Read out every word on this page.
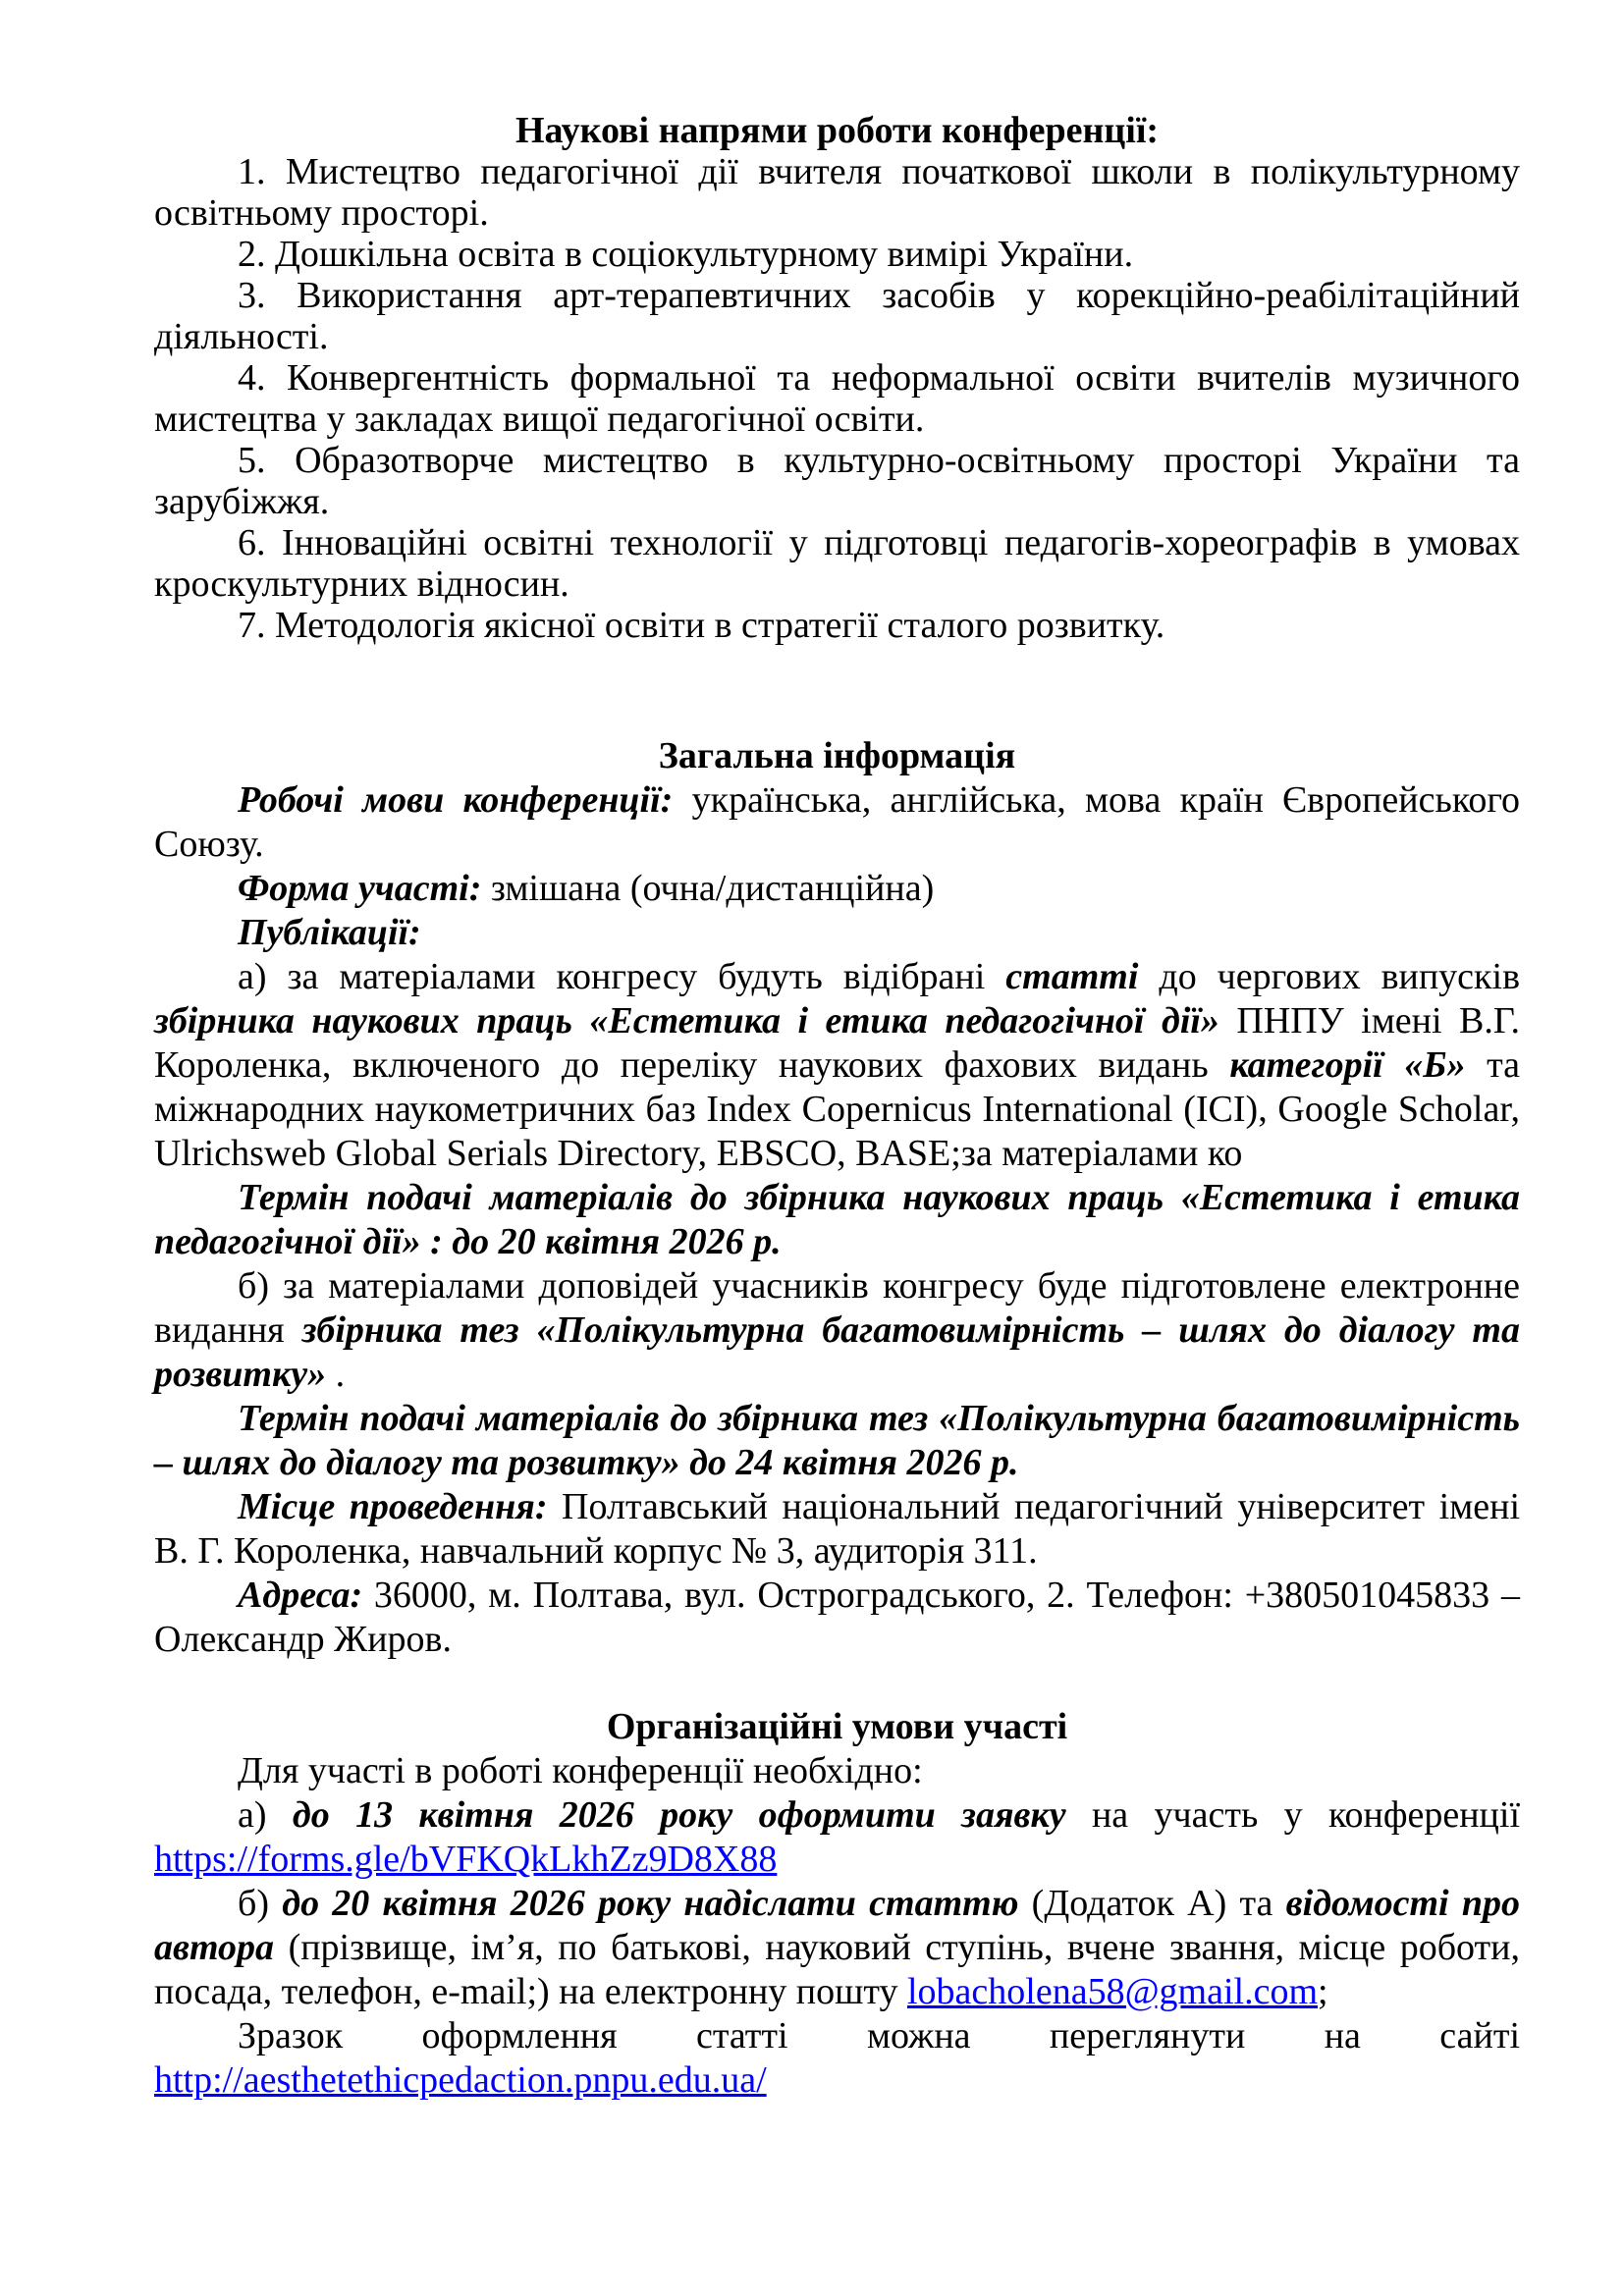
Наукові напрями роботи конференції:

1. Мистецтво педагогічної дії вчителя початкової школи в полікультурному освітньому просторі.

2. Дошкільна освіта в соціокультурному вимірі України.

3. Використання арт-терапевтичних засобів у корекційно-реабілітаційний діяльності.

4. Конвергентність формальної та неформальної освіти вчителів музичного мистецтва у закладах вищої педагогічної освіти.

5. Образотворче мистецтво в культурно-освітньому просторі України та зарубіжжя.

6. Інноваційні освітні технології у підготовці педагогів-хореографів в умовах кроскультурних відносин.

7. Методологія якісної освіти в стратегії сталого розвитку.

Загальна інформація

Робочі мови конференції: українська, англійська, мова країн Європейського Союзу.

Форма участі: змішана (очна/дистанційна)

Публікації:

а) за матеріалами конгресу будуть відібрані статті до чергових випусків збірника наукових праць «Естетика і етика педагогічної дії» ПНПУ імені В.Г. Короленка, включеного до переліку наукових фахових видань категорії «Б» та міжнародних наукометричних баз Index Copernicus International (ICI), Google Scholar, Ulrichsweb Global Serials Directory, EBSCO, BASE;за матеріалами ко

Термін подачі матеріалів до збірника наукових праць «Естетика і етика педагогічної дії» : до 20 квітня 2026 р.

б) за матеріалами доповідей учасників конгресу буде підготовлене електронне видання збірника тез «Полікультурна багатовимірність – шлях до діалогу та розвитку» .

Термін подачі матеріалів до збірника тез «Полікультурна багатовимірність – шлях до діалогу та розвитку» до 24 квітня 2026 р.

Місце проведення: Полтавський національний педагогічний університет імені В. Г. Короленка, навчальний корпус № 3, аудиторія 311.

Адреса: 36000, м. Полтава, вул. Остроградського, 2. Телефон: +380501045833 – Олександр Жиров.

Організаційні умови участі

Для участі в роботі конференції необхідно:

а) до 13 квітня 2026 року оформити заявку на участь у конференції https://forms.gle/bVFKQkLkhZz9D8X88

б) до 20 квітня 2026 року надіслати статтю (Додаток А) та відомості про автора (прізвище, ім’я, по батькові, науковий ступінь, вчене звання, місце роботи, посада, телефон, e-mail;) на електронну пошту lobacholena58@gmail.com;

Зразок оформлення статті можна переглянути на сайті http://aesthetethicpedaction.pnpu.edu.ua/
